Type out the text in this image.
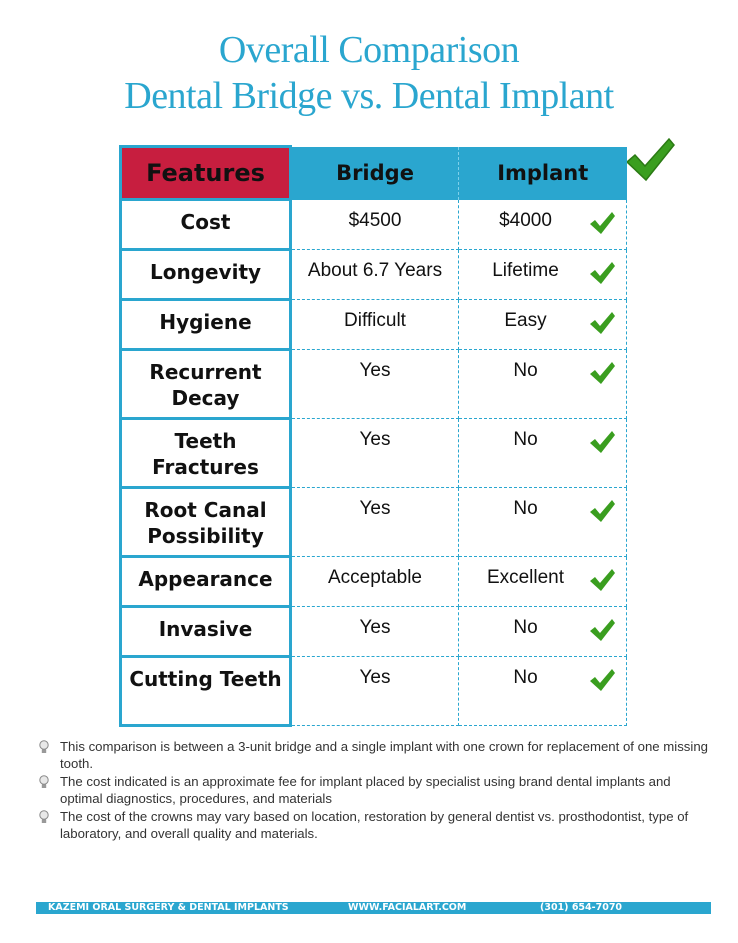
Overall Comparison
Dental Bridge vs. Dental Implant
Features	Bridge	Implant
Cost	$4500	$4000

Longevity	About 6.7 Years	Lifetime

Hygiene	Difficult	Easy

Recurrent Decay	Yes	No

Teeth Fractures	Yes	No

Root Canal Possibility	Yes	No

Appearance	Acceptable	Excellent

Invasive	Yes	No

Cutting Teeth	Yes	No
This comparison is between a 3-unit bridge and a single implant with one crown for replacement of one missing tooth.
The cost indicated is an approximate fee for implant placed by specialist using brand dental implants and optimal diagnostics, procedures, and materials
The cost of the crowns may vary based on location, restoration by general dentist vs. prosthodontist, type of laboratory, and overall quality and materials.
KAZEMI ORAL SURGERY & DENTAL IMPLANTS	WWW.FACIALART.COM	(301) 654-7070
